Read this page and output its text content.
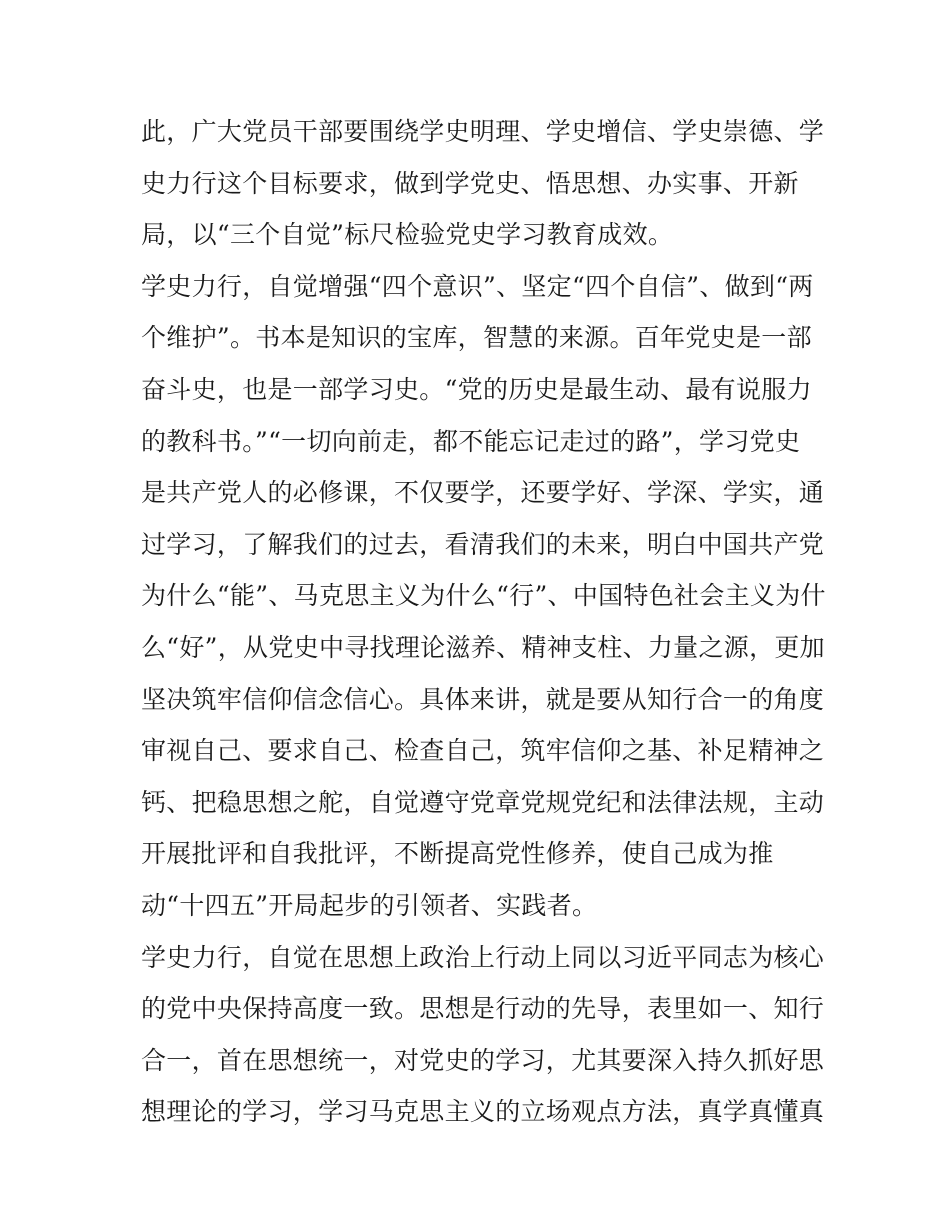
此，广大党员干部要围绕学史明理、学史增信、学史崇德、学
史力行这个目标要求，做到学党史、悟思想、办实事、开新
局，以“三个自觉”标尺检验党史学习教育成效。
学史力行，自觉增强“四个意识”、坚定“四个自信”、做到“两
个维护”。书本是知识的宝库，智慧的来源。百年党史是一部
奋斗史，也是一部学习史。“党的历史是最生动、最有说服力
的教科书。”“一切向前走，都不能忘记走过的路”，学习党史
是共产党人的必修课，不仅要学，还要学好、学深、学实，通
过学习，了解我们的过去，看清我们的未来，明白中国共产党
为什么“能”、马克思主义为什么“行”、中国特色社会主义为什
么“好”，从党史中寻找理论滋养、精神支柱、力量之源，更加
坚决筑牢信仰信念信心。具体来讲，就是要从知行合一的角度
审视自己、要求自己、检查自己，筑牢信仰之基、补足精神之
钙、把稳思想之舵，自觉遵守党章党规党纪和法律法规，主动
开展批评和自我批评，不断提高党性修养，使自己成为推
动“十四五”开局起步的引领者、实践者。
学史力行，自觉在思想上政治上行动上同以习近平同志为核心
的党中央保持高度一致。思想是行动的先导，表里如一、知行
合一，首在思想统一，对党史的学习，尤其要深入持久抓好思
想理论的学习，学习马克思主义的立场观点方法，真学真懂真
